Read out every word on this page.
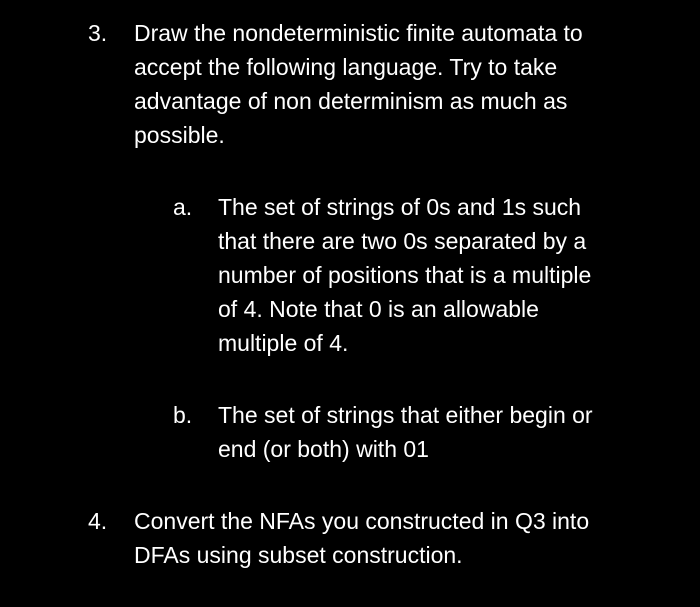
3. Draw the nondeterministic finite automata to
accept the following language. Try to take
advantage of non determinism as much as
possible.
a. The set of strings of 0s and 1s such
that there are two 0s separated by a
number of positions that is a multiple
of 4. Note that 0 is an allowable
multiple of 4.
b. The set of strings that either begin or
end (or both) with 01
4. Convert the NFAs you constructed in Q3 into
DFAs using subset construction.
